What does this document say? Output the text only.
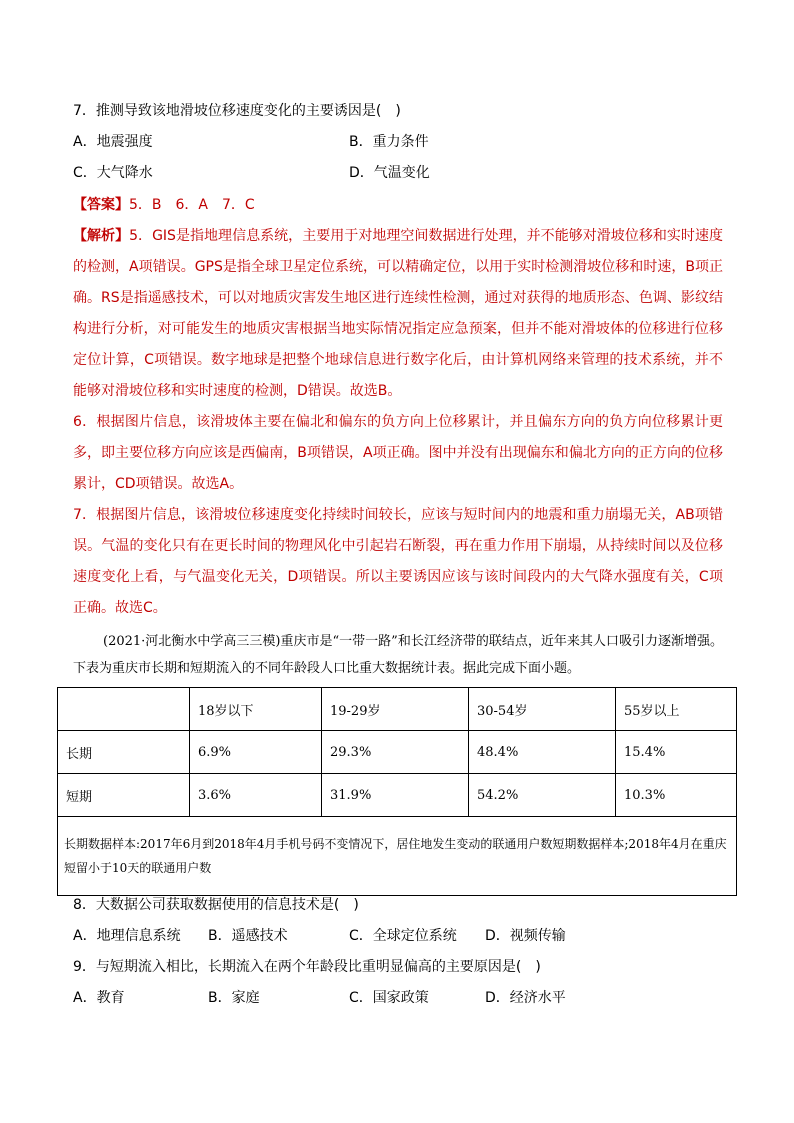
7．推测导致该地滑坡位移速度变化的主要诱因是(　)
A．地震强度	B．重力条件
C．大气降水	D．气温变化
【答案】5．B　6．A　7．C

【解析】5．GIS是指地理信息系统，主要用于对地理空间数据进行处理，并不能够对滑坡位移和实时速度的检测，A项错误。GPS是指全球卫星定位系统，可以精确定位，以用于实时检测滑坡位移和时速，B项正确。RS是指遥感技术，可以对地质灾害发生地区进行连续性检测，通过对获得的地质形态、色调、影纹结构进行分析，对可能发生的地质灾害根据当地实际情况指定应急预案，但并不能对滑坡体的位移进行位移定位计算，C项错误。数字地球是把整个地球信息进行数字化后，由计算机网络来管理的技术系统，并不能够对滑坡位移和实时速度的检测，D错误。故选B。

6．根据图片信息，该滑坡体主要在偏北和偏东的负方向上位移累计，并且偏东方向的负方向位移累计更多，即主要位移方向应该是西偏南，B项错误，A项正确。图中并没有出现偏东和偏北方向的正方向的位移累计，CD项错误。故选A。

7．根据图片信息，该滑坡位移速度变化持续时间较长，应该与短时间内的地震和重力崩塌无关，AB项错误。气温的变化只有在更长时间的物理风化中引起岩石断裂，再在重力作用下崩塌，从持续时间以及位移速度变化上看，与气温变化无关，D项错误。所以主要诱因应该与该时间段内的大气降水强度有关，C项正确。故选C。

(2021·河北衡水中学高三三模)重庆市是“一带一路”和长江经济带的联结点，近年来其人口吸引力逐渐增强。下表为重庆市长期和短期流入的不同年龄段人口比重大数据统计表。据此完成下面小题。

	18岁以下	19-29岁	30-54岁	55岁以上
长期	6.9%	29.3%	48.4%	15.4%
短期	3.6%	31.9%	54.2%	10.3%
长期数据样本:2017年6月到2018年4月手机号码不变情况下，居住地发生变动的联通用户数短期数据样本;2018年4月在重庆短留小于10天的联通用户数				
8．大数据公司获取数据使用的信息技术是(　)
A．地理信息系统 B．遥感技术	C．全球定位系统 D．视频传输
9．与短期流入相比，长期流入在两个年龄段比重明显偏高的主要原因是(　)
A．教育	B．家庭	C．国家政策	D．经济水平
